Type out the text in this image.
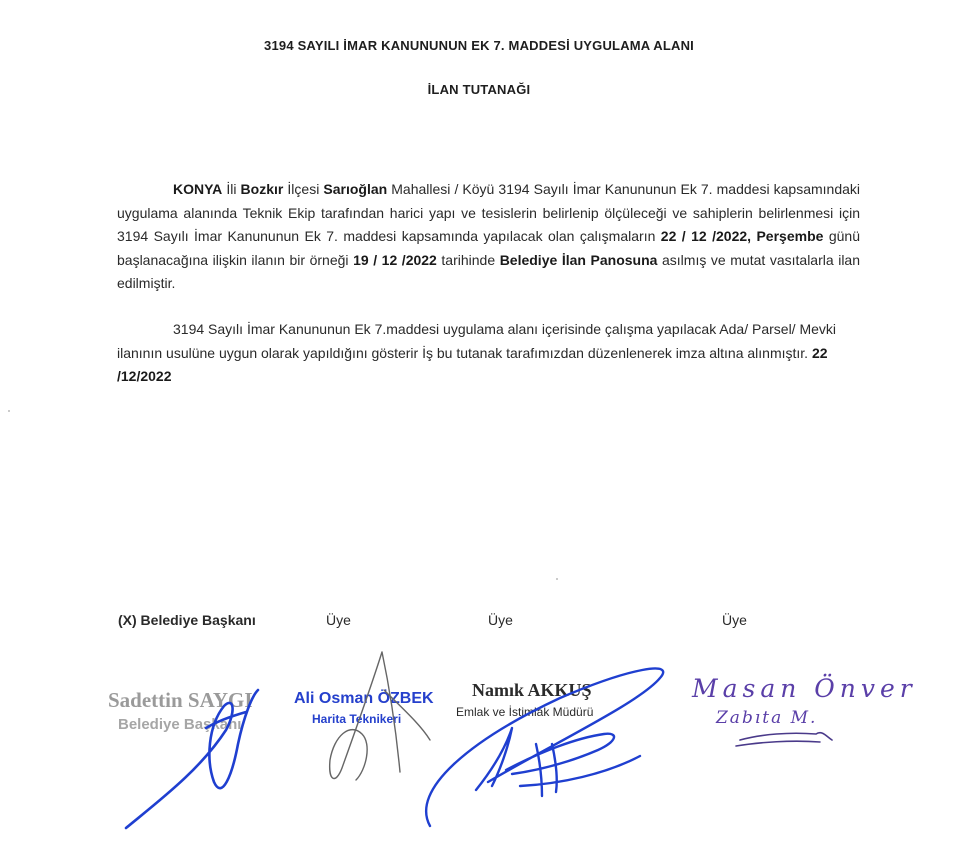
3194 SAYILI İMAR KANUNUNUN EK 7. MADDESİ UYGULAMA ALANI
İLAN TUTANAĞI
KONYA İli Bozkır İlçesi Sarıoğlan Mahallesi / Köyü 3194 Sayılı İmar Kanununun Ek 7. maddesi kapsamındaki uygulama alanında Teknik Ekip tarafından harici yapı ve tesislerin belirlenip ölçüleceği ve sahiplerin belirlenmesi için 3194 Sayılı İmar Kanununun Ek 7. maddesi kapsamında yapılacak olan çalışmaların 22 / 12 /2022, Perşembe günü başlanacağına ilişkin ilanın bir örneği 19 / 12 /2022 tarihinde Belediye İlan Panosuna asılmış ve mutat vasıtalarla ilan edilmiştir.
3194 Sayılı İmar Kanununun Ek 7.maddesi uygulama alanı içerisinde çalışma yapılacak Ada/ Parsel/ Mevki ilanının usulüne uygun olarak yapıldığını gösterir İş bu tutanak tarafımızdan düzenlenerek imza altına alınmıştır. 22 /12/2022
(X) Belediye Başkanı	Üye	Üye	Üye
Sadettin SAYGI
Belediye Başkanı
Ali Osman ÖZBEK
Harita Teknikeri
Namık AKKUŞ
Emlak ve İstimlak Müdürü
Masan Önver
Zabıta M.
